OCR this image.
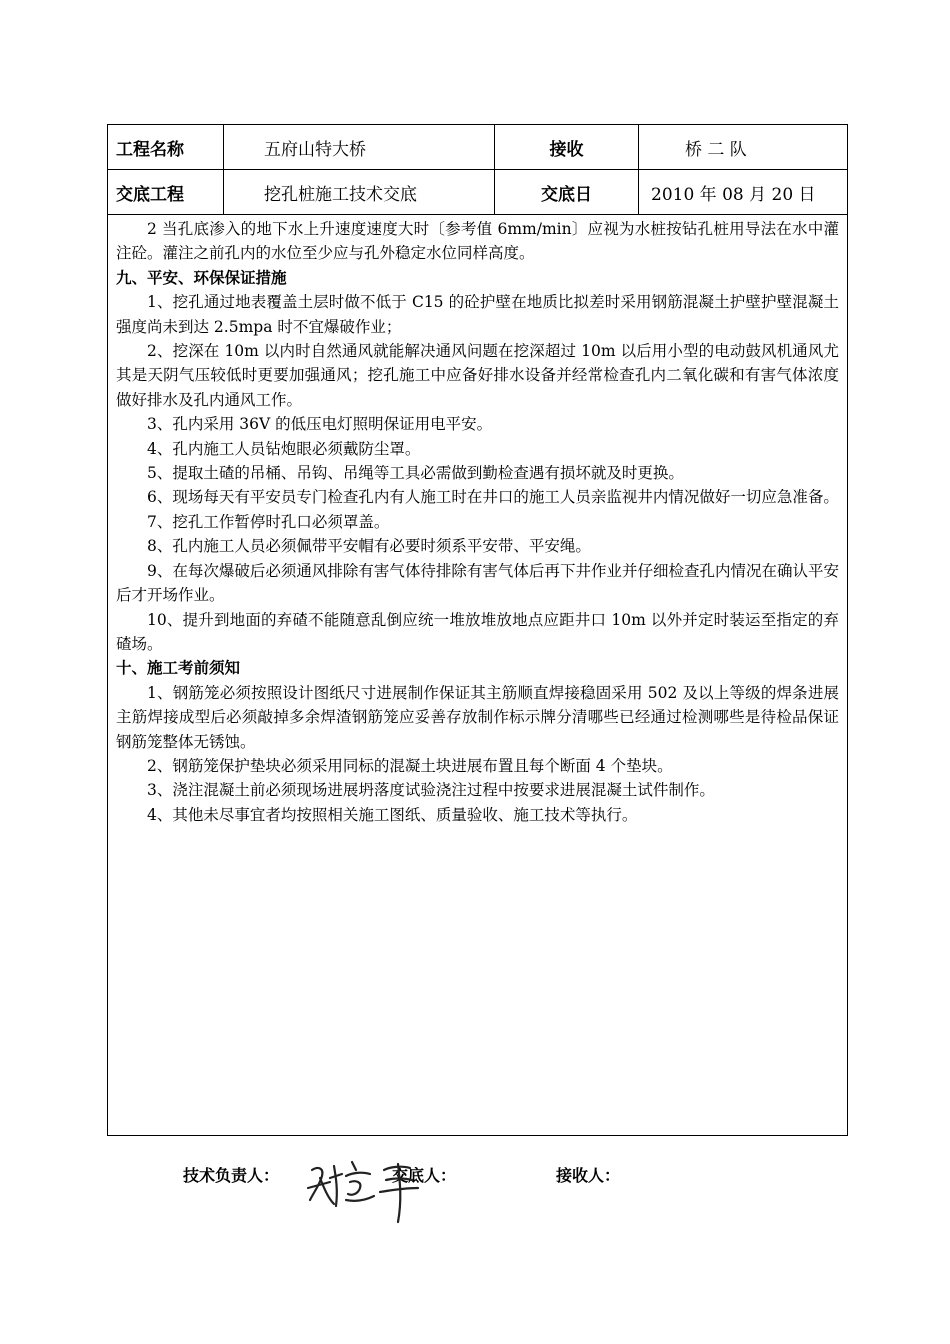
工程名称	五府山特大桥	接收	桥 二 队
交底工程	挖孔桩施工技术交底	交底日	2010 年 08 月 20 日

2 当孔底渗入的地下水上升速度速度大时〔参考值 6mm/min〕应视为水桩按钻孔桩用导法在水中灌注砼。灌注之前孔内的水位至少应与孔外稳定水位同样高度。

九、平安、环保保证措施

1、挖孔通过地表覆盖土层时做不低于 C15 的砼护壁在地质比拟差时采用钢筋混凝土护壁护壁混凝土强度尚未到达 2.5mpa 时不宜爆破作业；

2、挖深在 10m 以内时自然通风就能解决通风问题在挖深超过 10m 以后用小型的电动鼓风机通风尤其是天阴气压较低时更要加强通风；挖孔施工中应备好排水设备并经常检查孔内二氧化碳和有害气体浓度做好排水及孔内通风工作。

3、孔内采用 36V 的低压电灯照明保证用电平安。

4、孔内施工人员钻炮眼必须戴防尘罩。

5、提取土碴的吊桶、吊钩、吊绳等工具必需做到勤检查遇有损坏就及时更换。

6、现场每天有平安员专门检查孔内有人施工时在井口的施工人员亲监视井内情况做好一切应急准备。

7、挖孔工作暂停时孔口必须罩盖。

8、孔内施工人员必须佩带平安帽有必要时须系平安带、平安绳。

9、在每次爆破后必须通风排除有害气体待排除有害气体后再下井作业并仔细检查孔内情况在确认平安后才开场作业。

10、提升到地面的弃碴不能随意乱倒应统一堆放堆放地点应距井口 10m 以外并定时装运至指定的弃碴场。

十、施工考前须知

1、钢筋笼必须按照设计图纸尺寸进展制作保证其主筋顺直焊接稳固采用 502 及以上等级的焊条进展主筋焊接成型后必须敲掉多余焊渣钢筋笼应妥善存放制作标示牌分清哪些已经通过检测哪些是待检品保证钢筋笼整体无锈蚀。

2、钢筋笼保护垫块必须采用同标的混凝土块进展布置且每个断面 4 个垫块。

3、浇注混凝土前必须现场进展坍落度试验浇注过程中按要求进展混凝土试件制作。

4、其他未尽事宜者均按照相关施工图纸、质量验收、施工技术等执行。

技术负责人：	交底人：	接收人：
